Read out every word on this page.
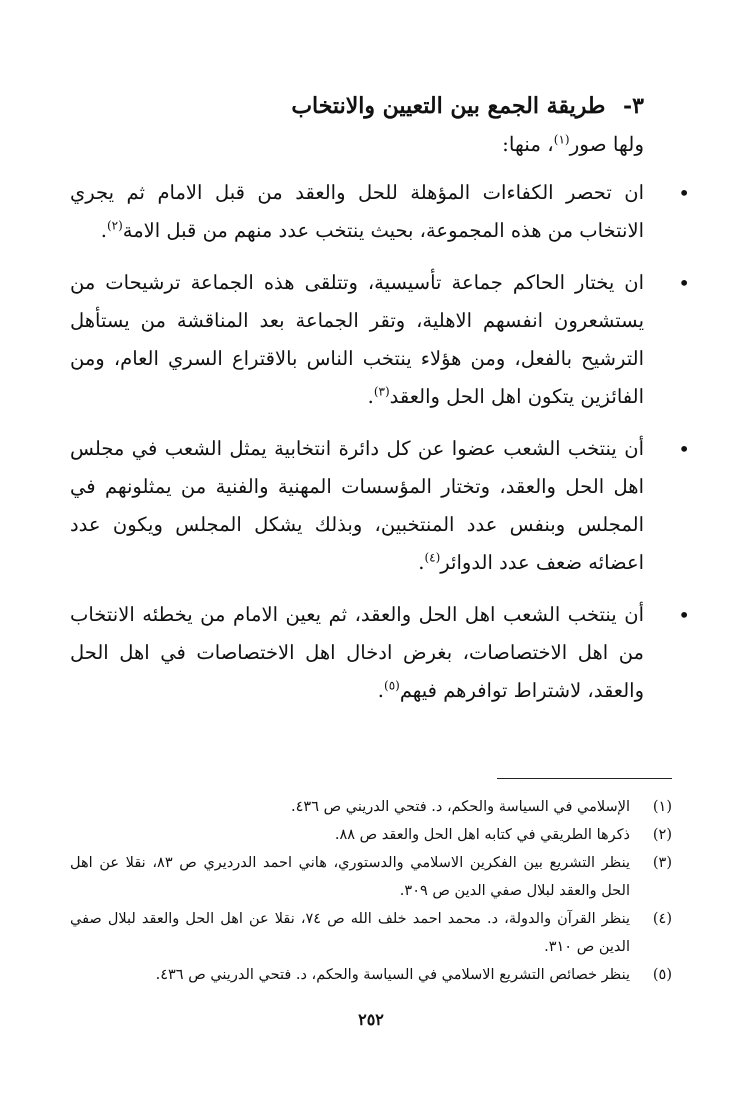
٣- طريقة الجمع بين التعيين والانتخاب

ولها صور$^{(١)}$، منها:

•
ان تحصر الكفاءات المؤهلة للحل والعقد من قبل الامام ثم يجري الانتخاب من هذه المجموعة، بحيث ينتخب عدد منهم من قبل الامة$^{(٢)}$.
•
ان يختار الحاكم جماعة تأسيسية، وتتلقى هذه الجماعة ترشيحات من يستشعرون انفسهم الاهلية، وتقر الجماعة بعد المناقشة من يستأهل الترشيح بالفعل، ومن هؤلاء ينتخب الناس بالاقتراع السري العام، ومن الفائزين يتكون اهل الحل والعقد$^{(٣)}$.
•
أن ينتخب الشعب عضوا عن كل دائرة انتخابية يمثل الشعب في مجلس اهل الحل والعقد، وتختار المؤسسات المهنية والفنية من يمثلونهم في المجلس وبنفس عدد المنتخبين، وبذلك يشكل المجلس ويكون عدد اعضائه ضعف عدد الدوائر$^{(٤)}$.
•
أن ينتخب الشعب اهل الحل والعقد، ثم يعين الامام من يخطئه الانتخاب من اهل الاختصاصات، بغرض ادخال اهل الاختصاصات في اهل الحل والعقد، لاشتراط توافرهم فيهم$^{(٥)}$.
(١)
الإسلامي في السياسة والحكم، د. فتحي الدريني ص ٤٣٦.
(٢)
ذكرها الطريقي في كتابه اهل الحل والعقد ص ٨٨.
(٣)
ينظر التشريع بين الفكرين الاسلامي والدستوري، هاني احمد الدرديري ص ٨٣، نقلا عن اهل الحل والعقد لبلال صفي الدين ص ٣٠٩.
(٤)
ينظر القرآن والدولة، د. محمد احمد خلف الله ص ٧٤، نقلا عن اهل الحل والعقد لبلال صفي الدين ص ٣١٠.
(٥)
ينظر خصائص التشريع الاسلامي في السياسة والحكم، د. فتحي الدريني ص ٤٣٦.
٢٥٢
